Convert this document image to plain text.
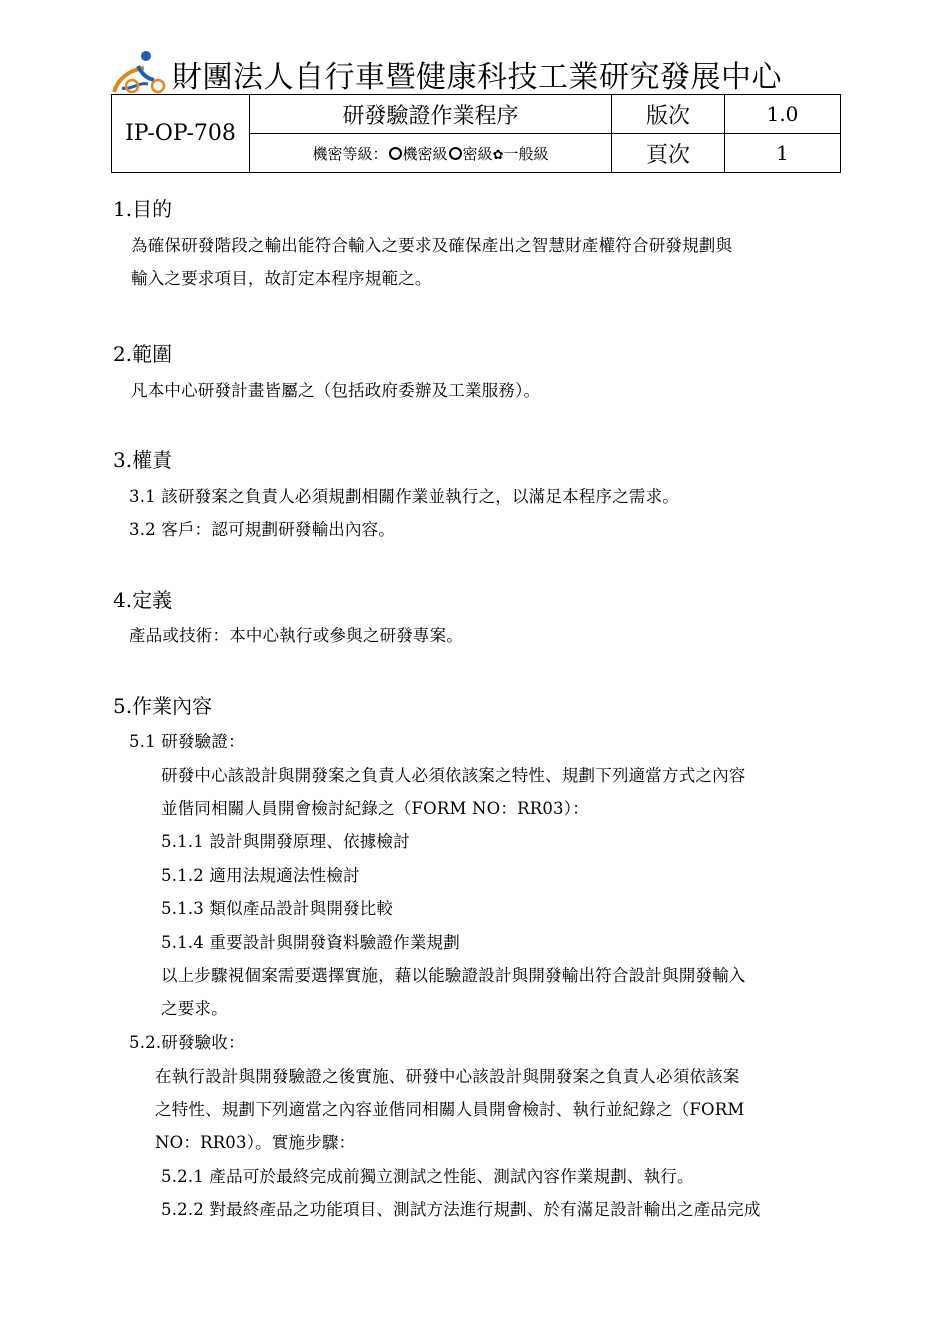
財團法人自行車暨健康科技工業研究發展中心
IP-OP-708	研發驗證作業程序	版次	1.0
	機密等級： 機密級 密級✿一般級	頁次	1
1.目的
為確保研發階段之輸出能符合輸入之要求及確保產出之智慧財產權符合研發規劃與
輸入之要求項目，故訂定本程序規範之。
2.範圍
凡本中心研發計畫皆屬之（包括政府委辦及工業服務）。
3.權責
3.1 該研發案之負責人必須規劃相關作業並執行之，以滿足本程序之需求。
3.2 客戶：認可規劃研發輸出內容。
4.定義
產品或技術：本中心執行或參與之研發專案。
5.作業內容
5.1 研發驗證：
研發中心該設計與開發案之負責人必須依該案之特性、規劃下列適當方式之內容
並偕同相關人員開會檢討紀錄之（FORM NO：RR03）：
5.1.1 設計與開發原理、依據檢討
5.1.2 適用法規適法性檢討
5.1.3 類似產品設計與開發比較
5.1.4 重要設計與開發資料驗證作業規劃
以上步驟視個案需要選擇實施，藉以能驗證設計與開發輸出符合設計與開發輸入
之要求。
5.2.研發驗收：
在執行設計與開發驗證之後實施、研發中心該設計與開發案之負責人必須依該案
之特性、規劃下列適當之內容並偕同相關人員開會檢討、執行並紀錄之（FORM
NO：RR03）。實施步驟：
5.2.1 產品可於最終完成前獨立測試之性能、測試內容作業規劃、執行。
5.2.2 對最終產品之功能項目、測試方法進行規劃、於有滿足設計輸出之產品完成
